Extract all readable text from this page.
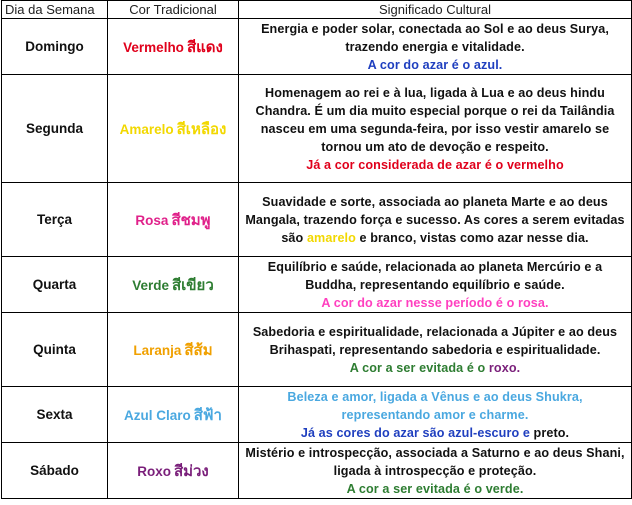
Dia da Semana	Cor Tradicional	Significado Cultural
Domingo	Vermelho สีแดง	Energia e poder solar, conectada ao Sol e ao deus Surya, trazendo energia e vitalidade.
A cor do azar é o azul.

Segunda	Amarelo สีเหลือง	Homenagem ao rei e à lua, ligada à Lua e ao deus hindu Chandra. É um dia muito especial porque o rei da Tailândia nasceu em uma segunda-feira, por isso vestir amarelo se tornou um ato de devoção e respeito.
Já a cor considerada de azar é o vermelho

Terça	Rosa สีชมพู	Suavidade e sorte, associada ao planeta Marte e ao deus Mangala, trazendo força e sucesso. As cores a serem evitadas são amarelo e branco, vistas como azar nesse dia.
Quarta	Verde สีเขียว	Equilíbrio e saúde, relacionada ao planeta Mercúrio e a Buddha, representando equilíbrio e saúde.
A cor do azar nesse período é o rosa.

Quinta	Laranja สีส้ม	Sabedoria e espiritualidade, relacionada a Júpiter e ao deus Brihaspati, representando sabedoria e espiritualidade.
A cor a ser evitada é o roxo.

Sexta	Azul Claro สีฟ้า	Beleza e amor, ligada a Vênus e ao deus Shukra, representando amor e charme.
Já as cores do azar são azul-escuro e preto.

Sábado	Roxo สีม่วง	Mistério e introspecção, associada a Saturno e ao deus Shani, ligada à introspecção e proteção.
A cor a ser evitada é o verde.
